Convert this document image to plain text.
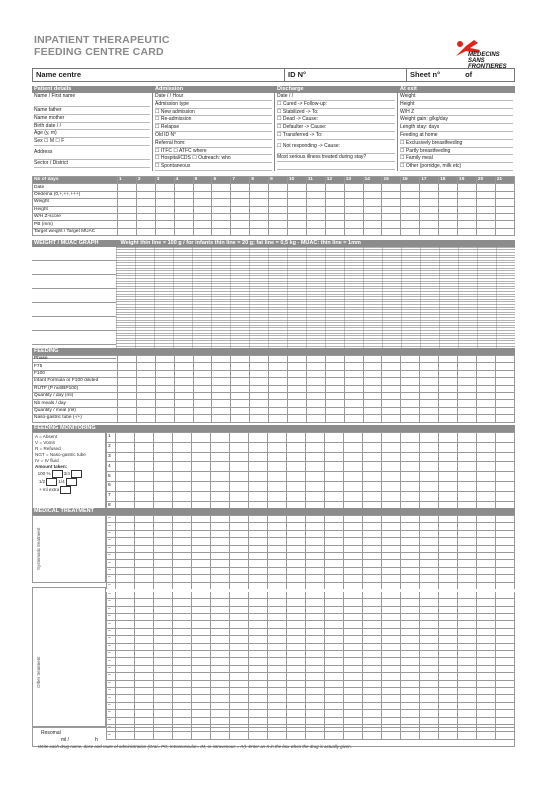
INPATIENT THERAPEUTIC
FEEDING CENTRE CARD	MEDECINS
SANS FRONTIERES
Name centre	ID N°	Sheet n°	of
Patient details
Name / First name
Name father
Name mother
Birth date / /
Age (y, m)
Sex ☐ M ☐ F
Address
Sector / District
Admission
Date / / Hour
Admission type
☐ New admission
☐ Re-admission
☐ Relapse
Old ID N°
Referral from:
☐ ITFC ☐ ATFC where
☐ Hospital/CDS ☐ Outreach: who
☐ Spontaneous
Discharge
Date / /
☐ Cured -> Follow-up:
☐ Stabilized -> To:
☐ Dead -> Cause:
☐ Defaulter -> Cause:
☐ Transferred -> To:
☐ Not responding -> Cause:
Most serious illness treated during stay?
At exit
Weight
Height
W/H Z
Weight gain: g/kg/day
Length stay: days
Feeding at home
☐ Exclusively breastfeeding
☐ Partly breastfeeding
☐ Family meal
☐ Other (porridge, milk etc)
Nb of days	1	2	3	4	5	6	7	8	9	10	11	12	13	14	15	16	17	18	19	20	21
Date																					
Oedema (0,+,++,+++)																					
Weight																					
Height																					
W/H Z-score																					
PB (mm)																					
Target weight / Target MUAC																					
WEIGHT / MUAC GRAPH	Weight thin line = 100 g / for infants thin line = 20 g; fat line = 0,5 kg - MUAC: thin line = 1mm
FEEDING
Phase																					
F75																					
F100																					
Infant Formula or F100 diluted																					
RUTF (P nut/BP100)																					
Quantity / day (ml)																					
Nb meals / day																					
Quantity / meal (ml)																					
Naso-gastric tube (-/+)																					
FEEDING MONITORING
A = Absent
V = Vomit
R = Refused
NGT = Naso-gastric tube
IV = IV fluid
Amount taken:
100 %	3/4
1/2	1/4
+ ml extra
1																					
2																					
3																					
4																					
5																					
6																					
7																					
8																					
MEDICAL TREATMENT
Systematic treatment
Other treatment
–																					
–																					
–																					
–																					
–																					
–																					
–																					
–																					
–																					
–																					
–																					
–																					
–																					
–																					
–																					
–																					
–																					
–																					
–																					
–																					
–																					
–																					
–																					
–																					
–																					
–																					
–																					
–																					
–																					
–																					
Resomal
ml /	h
Write each drug name, dose and route of administration (Oral= PO, Intramuscular= IM, or intravenous = IV). Enter an X in the box when the drug is actually given.
